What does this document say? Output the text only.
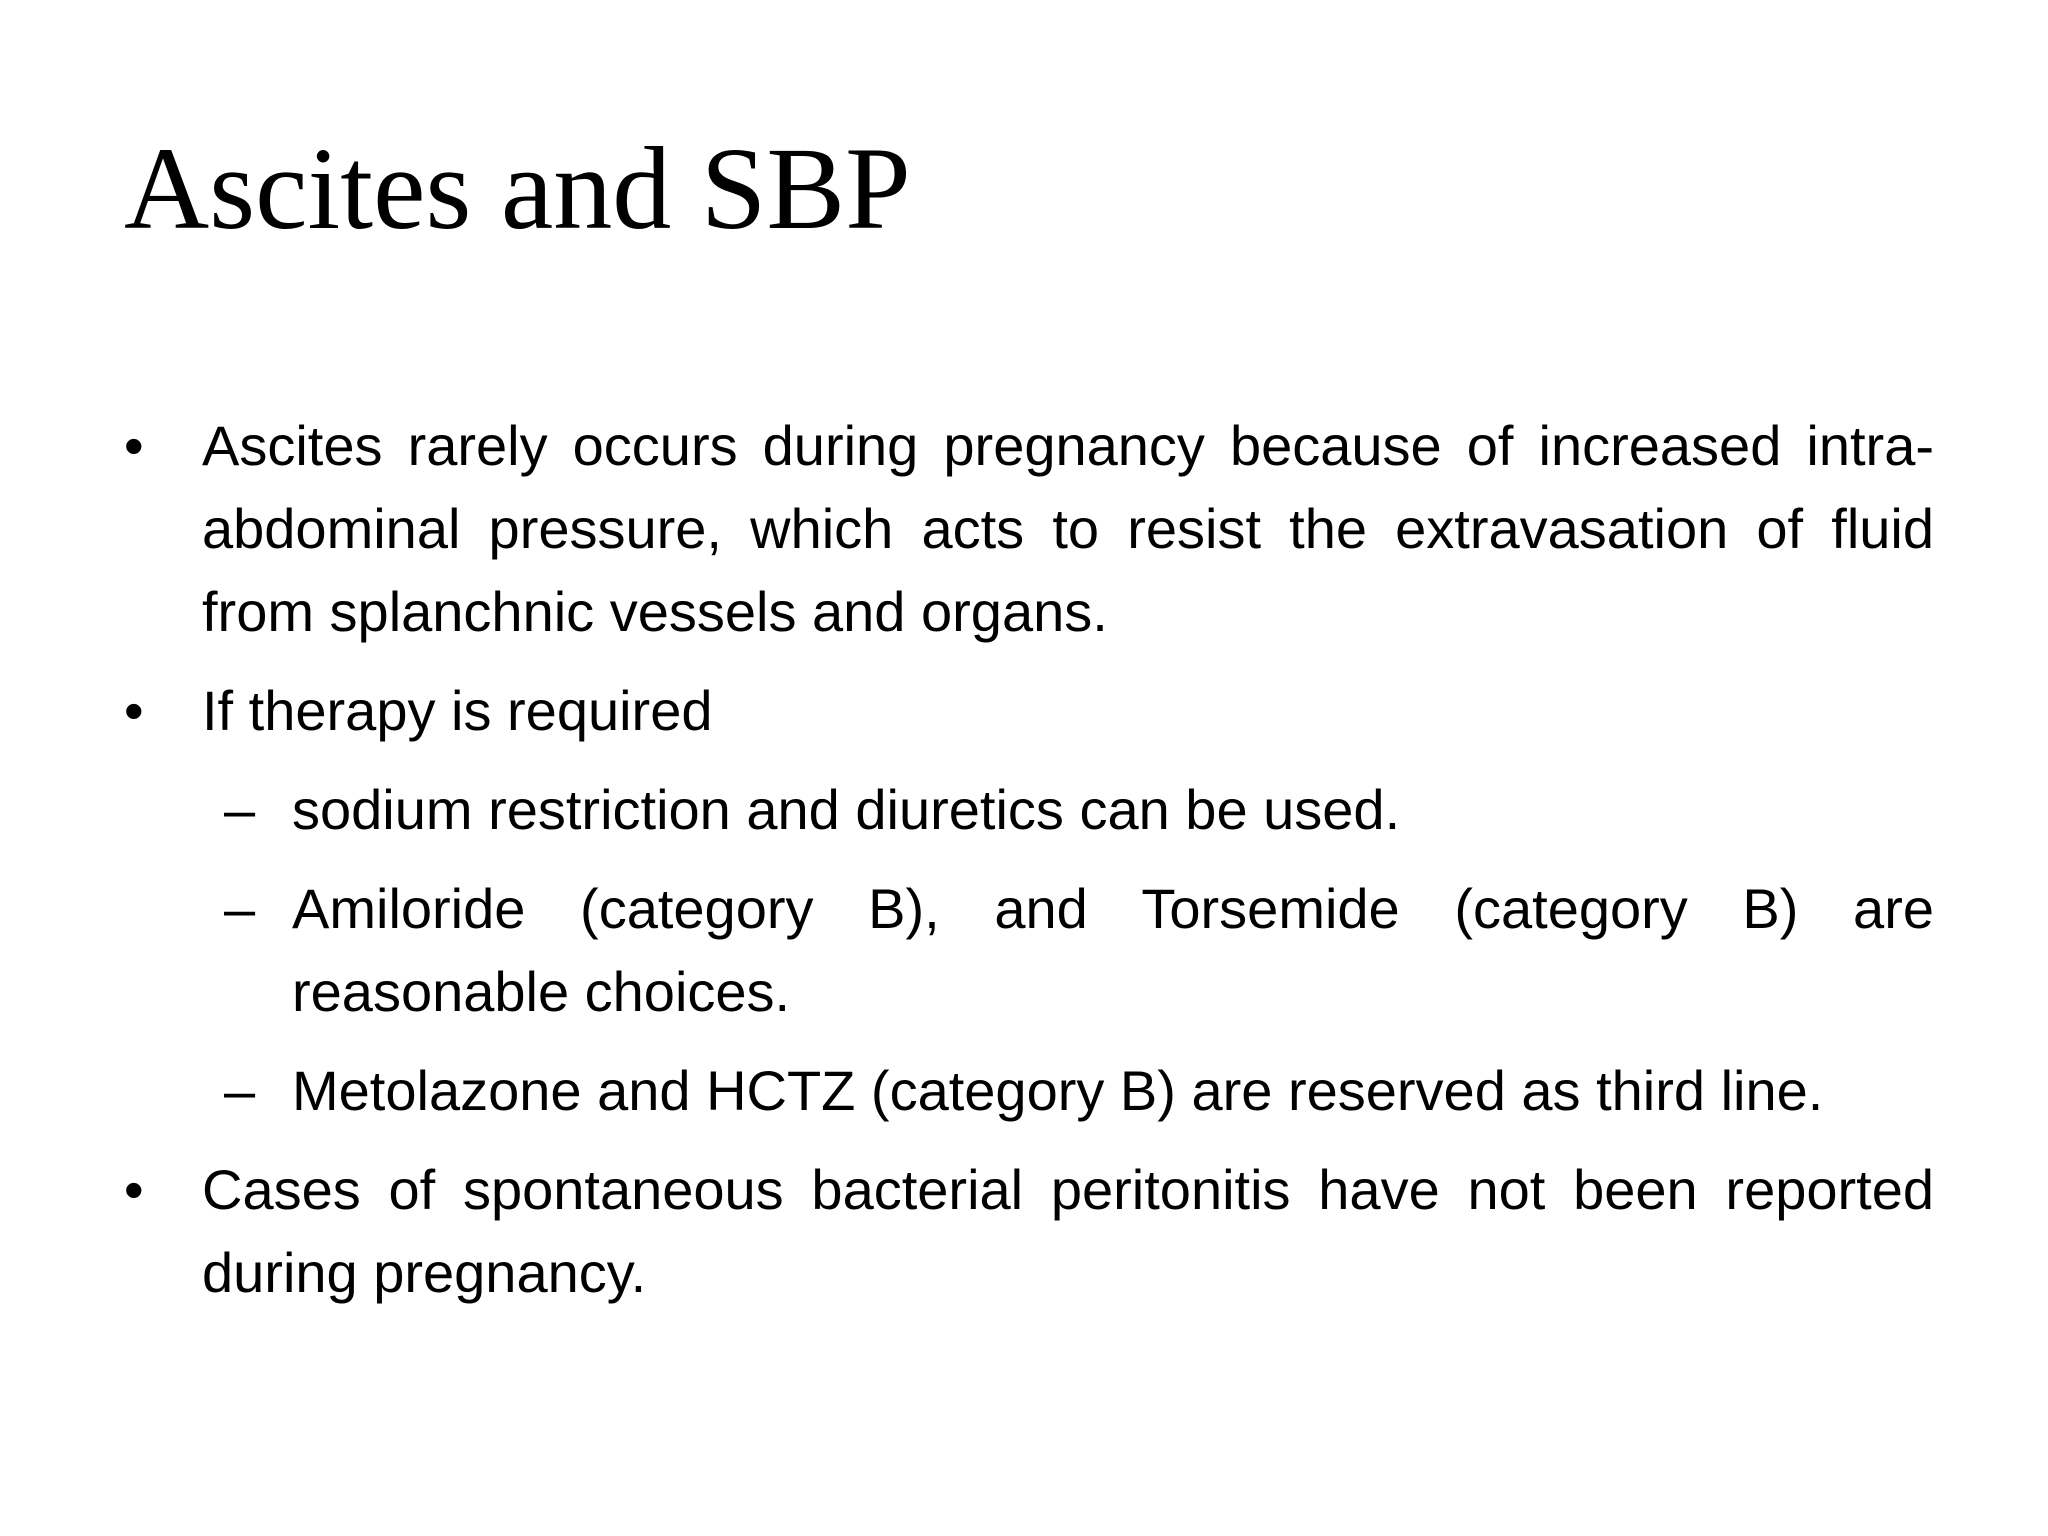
Ascites and SBP
•	Ascites rarely occurs during pregnancy because of increased intra-abdominal pressure, which acts to resist the extravasation of fluid from splanchnic vessels and organs.
•	If therapy is required
– sodium restriction and diuretics can be used.
– Amiloride (category B), and Torsemide (category B) are reasonable choices.
– Metolazone and HCTZ (category B) are reserved as third line.
•	Cases of spontaneous bacterial peritonitis have not been reported during pregnancy.
